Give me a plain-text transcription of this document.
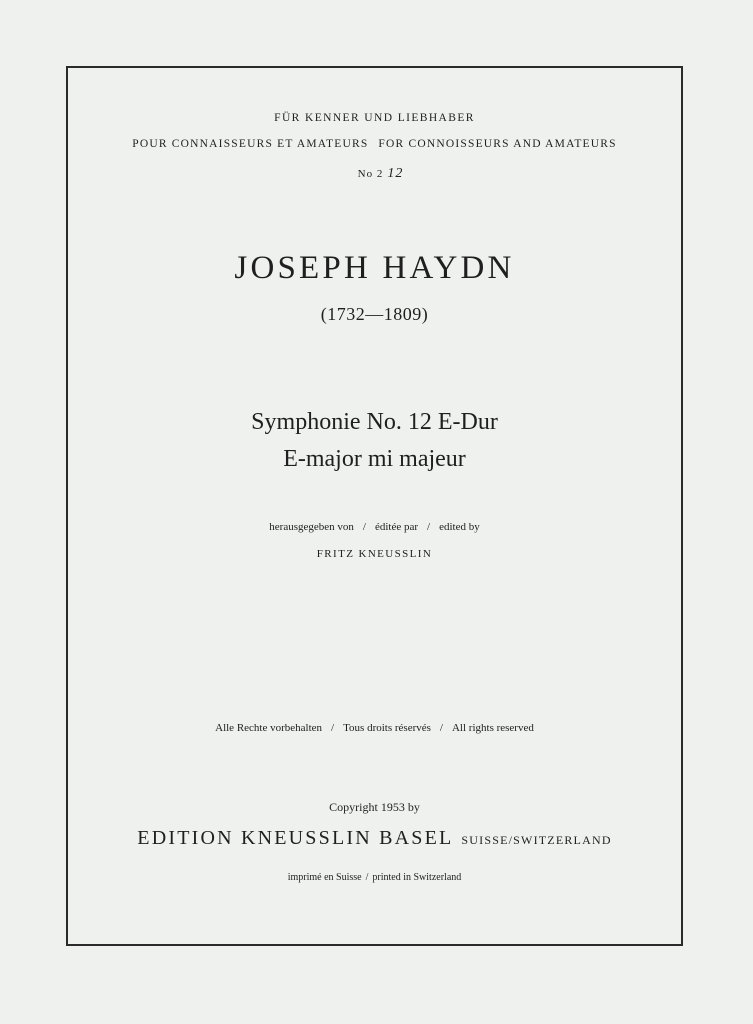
FÜR KENNER UND LIEBHABER
POUR CONNAISSEURS ET AMATEURS FOR CONNOISSEURS AND AMATEURS
No 2 12
JOSEPH HAYDN
(1732—1809)
Symphonie No. 12 E-Dur
E-major mi majeur
herausgegeben von / éditée par / edited by
FRITZ KNEUSSLIN
Alle Rechte vorbehalten / Tous droits réservés / All rights reserved
Copyright 1953 by
EDITION KNEUSSLIN BASEL SUISSE/SWITZERLAND
imprimé en Suisse / printed in Switzerland
